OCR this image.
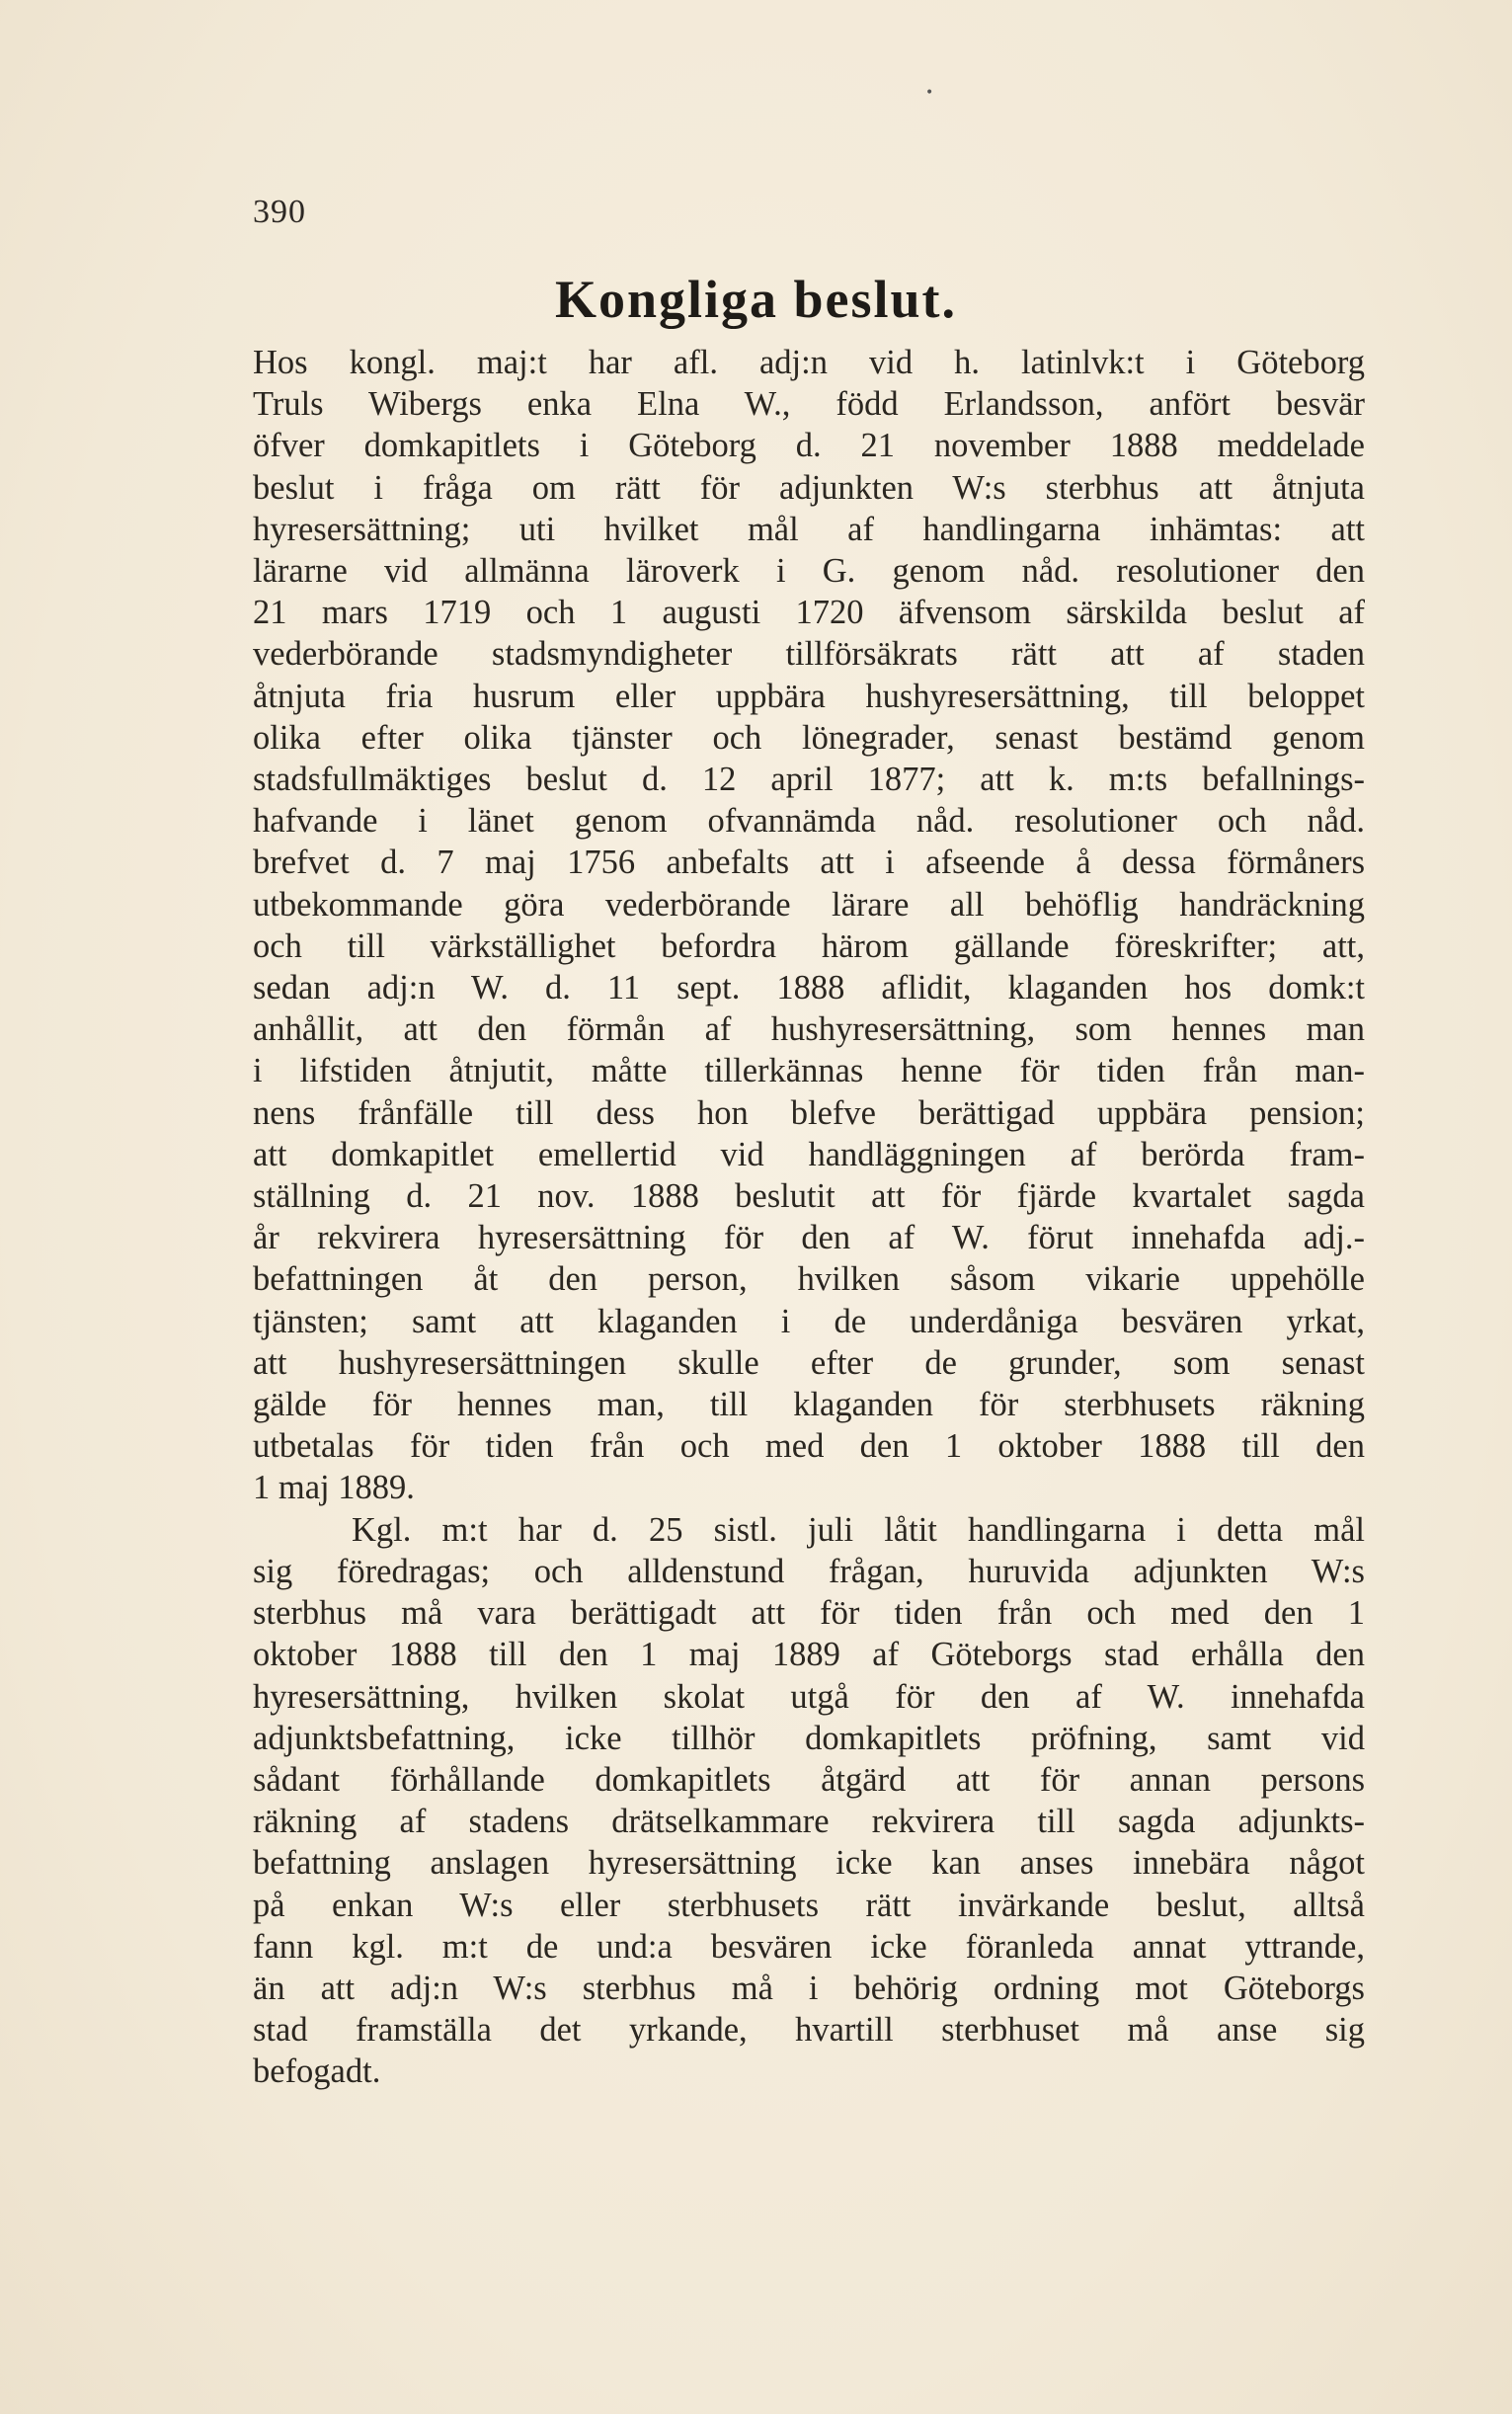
•
390
Kongliga beslut.
Hos kongl. maj:t har afl. adj:n vid h. latinlvk:t i Göteborg
Truls Wibergs enka Elna W., född Erlandsson, anfört besvär
öfver domkapitlets i Göteborg d. 21 november 1888 meddelade
beslut i fråga om rätt för adjunkten W:s sterbhus att åtnjuta
hyresersättning; uti hvilket mål af handlingarna inhämtas: att
lärarne vid allmänna läroverk i G. genom nåd. resolutioner den
21 mars 1719 och 1 augusti 1720 äfvensom särskilda beslut af
vederbörande stadsmyndigheter tillförsäkrats rätt att af staden
åtnjuta fria husrum eller uppbära hushyresersättning, till beloppet
olika efter olika tjänster och lönegrader, senast bestämd genom
stadsfullmäktiges beslut d. 12 april 1877; att k. m:ts befallnings-
hafvande i länet genom ofvannämda nåd. resolutioner och nåd.
brefvet d. 7 maj 1756 anbefalts att i afseende å dessa förmåners
utbekommande göra vederbörande lärare all behöflig handräckning
och till värkställighet befordra härom gällande föreskrifter; att,
sedan adj:n W. d. 11 sept. 1888 aflidit, klaganden hos domk:t
anhållit, att den förmån af hushyresersättning, som hennes man
i lifstiden åtnjutit, måtte tillerkännas henne för tiden från man-
nens frånfälle till dess hon blefve berättigad uppbära pension;
att domkapitlet emellertid vid handläggningen af berörda fram-
ställning d. 21 nov. 1888 beslutit att för fjärde kvartalet sagda
år rekvirera hyresersättning för den af W. förut innehafda adj.-
befattningen åt den person, hvilken såsom vikarie uppehölle
tjänsten; samt att klaganden i de underdåniga besvären yrkat,
att hushyresersättningen skulle efter de grunder, som senast
gälde för hennes man, till klaganden för sterbhusets räkning
utbetalas för tiden från och med den 1 oktober 1888 till den
1 maj 1889.
Kgl. m:t har d. 25 sistl. juli låtit handlingarna i detta mål
sig föredragas; och alldenstund frågan, huruvida adjunkten W:s
sterbhus må vara berättigadt att för tiden från och med den 1
oktober 1888 till den 1 maj 1889 af Göteborgs stad erhålla den
hyresersättning, hvilken skolat utgå för den af W. innehafda
adjunktsbefattning, icke tillhör domkapitlets pröfning, samt vid
sådant förhållande domkapitlets åtgärd att för annan persons
räkning af stadens drätselkammare rekvirera till sagda adjunkts-
befattning anslagen hyresersättning icke kan anses innebära något
på enkan W:s eller sterbhusets rätt invärkande beslut, alltså
fann kgl. m:t de und:a besvären icke föranleda annat yttrande,
än att adj:n W:s sterbhus må i behörig ordning mot Göteborgs
stad framställa det yrkande, hvartill sterbhuset må anse sig
befogadt.
